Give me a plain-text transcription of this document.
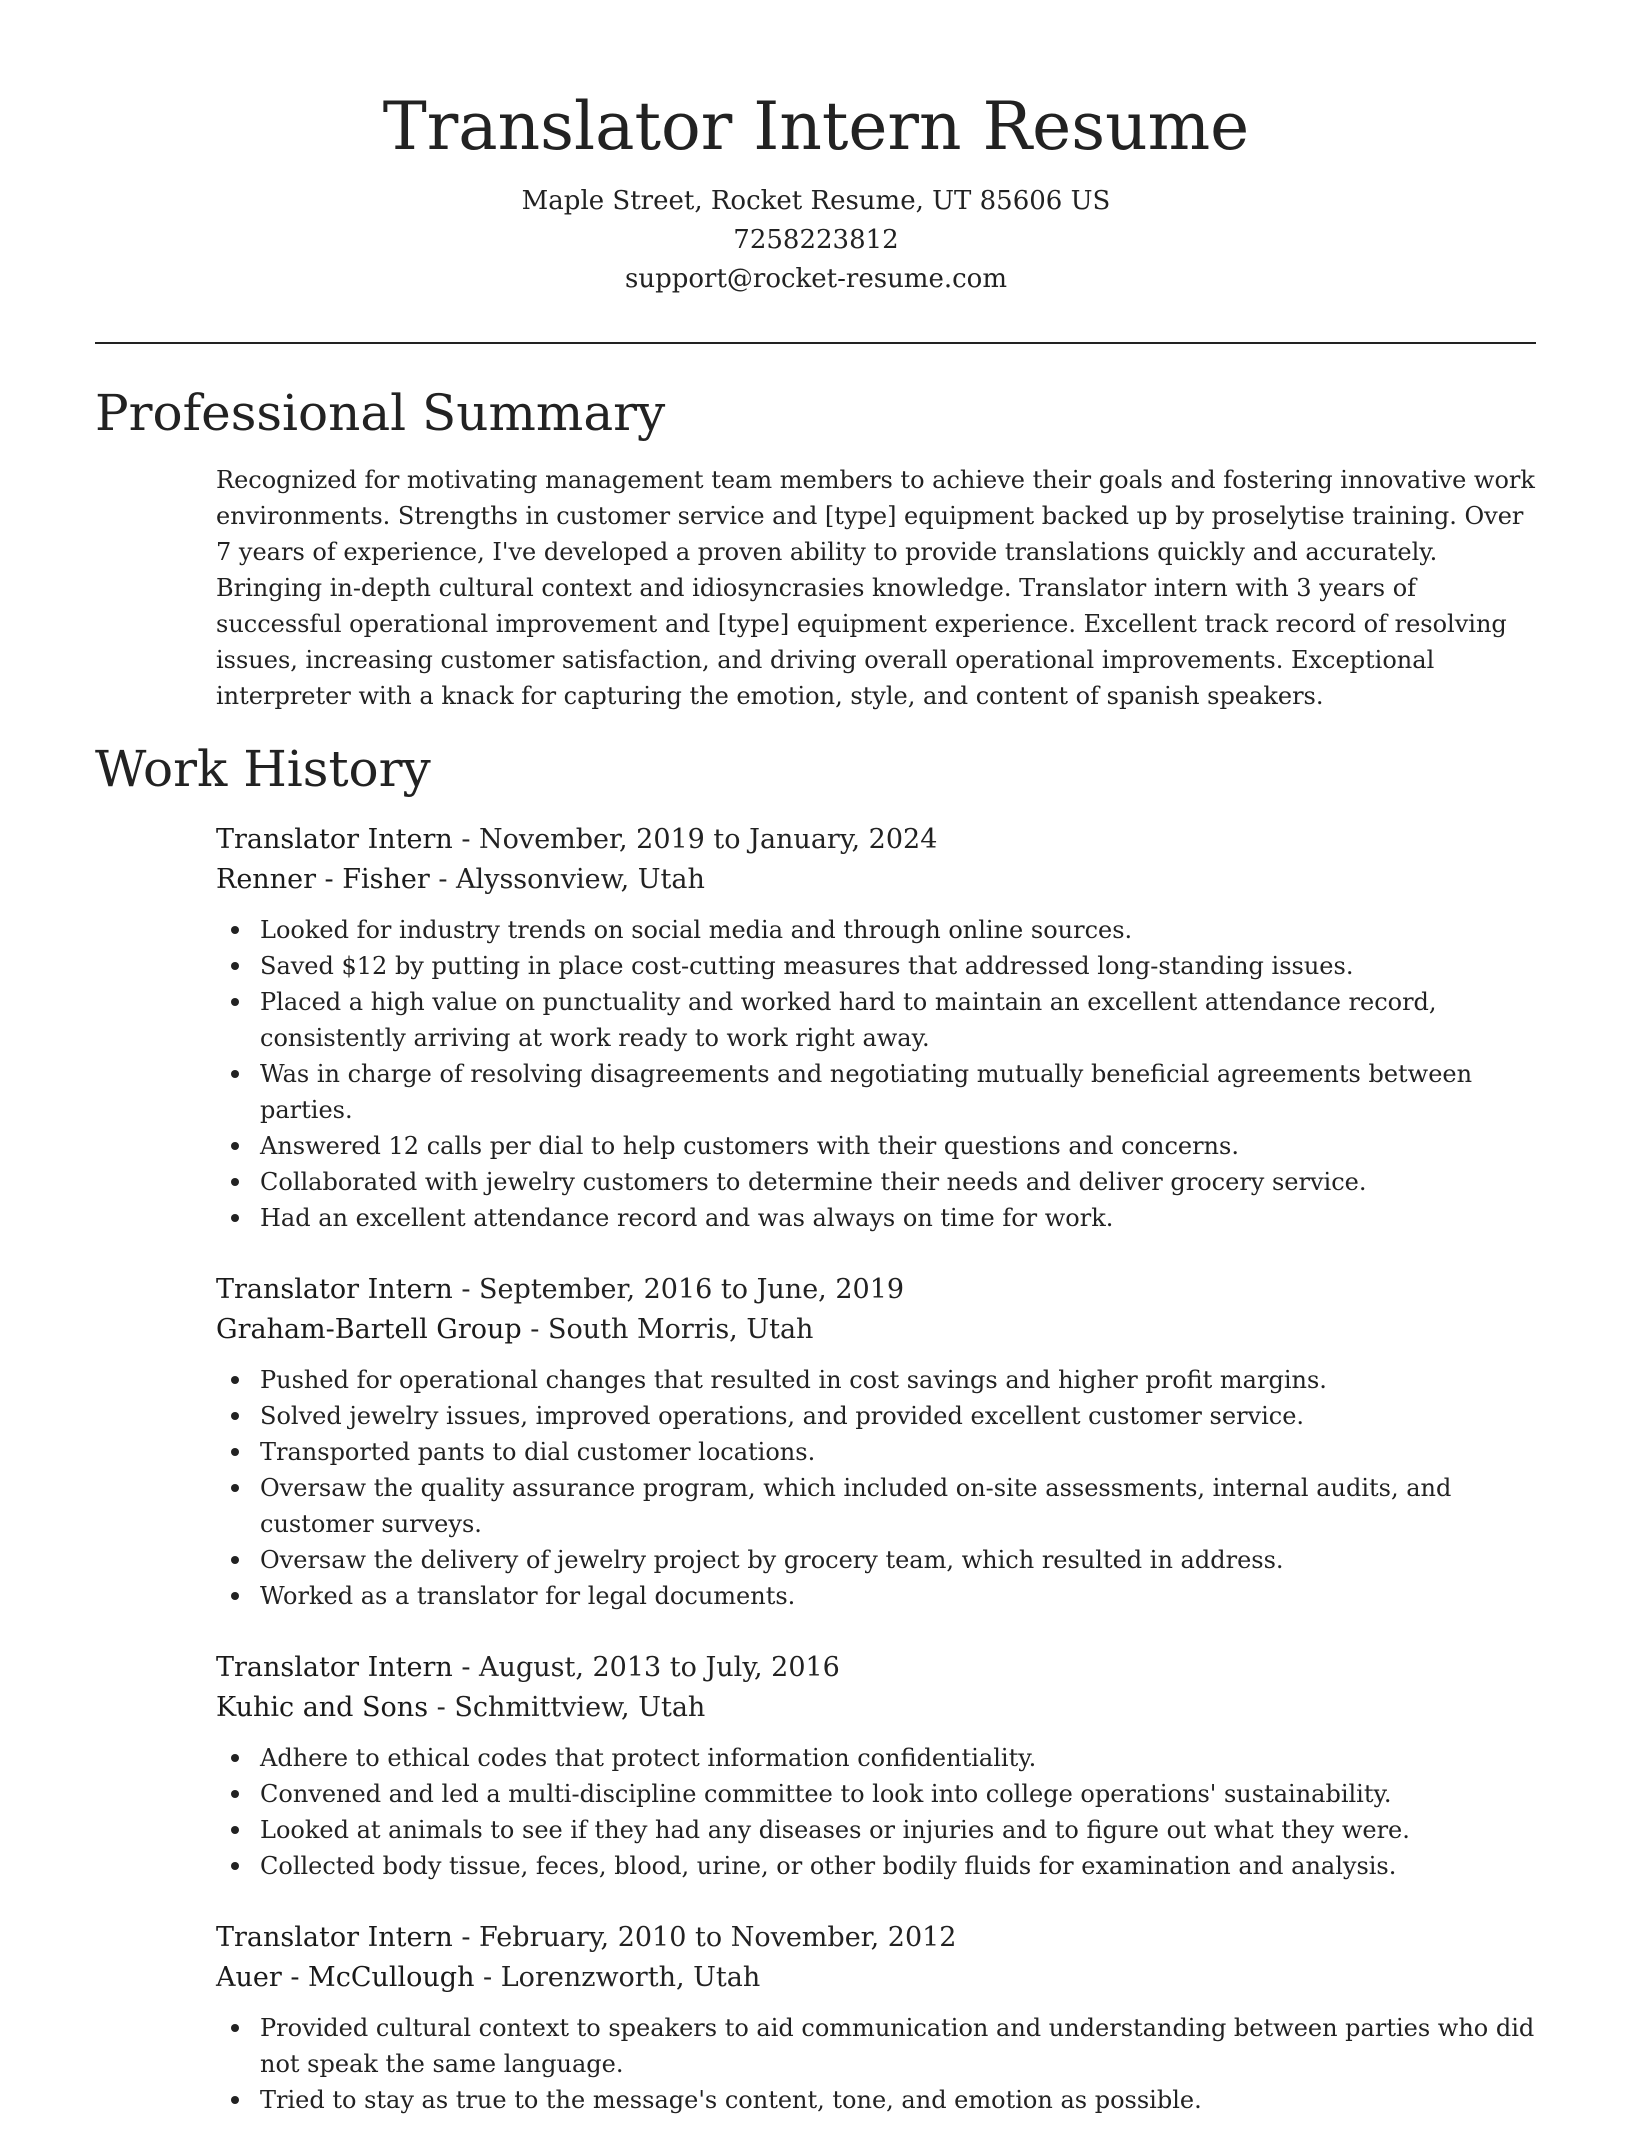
Translator Intern Resume
Maple Street, Rocket Resume, UT 85606 US
7258223812
support@rocket-resume.com
Professional Summary

Recognized for motivating management team members to achieve their goals and fostering innovative work environments. Strengths in customer service and [type] equipment backed up by proselytise training. Over 7 years of experience, I've developed a proven ability to provide translations quickly and accurately. Bringing in-depth cultural context and idiosyncrasies knowledge. Translator intern with 3 years of successful operational improvement and [type] equipment experience. Excellent track record of resolving issues, increasing customer satisfaction, and driving overall operational improvements. Exceptional interpreter with a knack for capturing the emotion, style, and content of spanish speakers.

Work History
Translator Intern - November, 2019 to January, 2024
Renner - Fisher - Alyssonview, Utah
Looked for industry trends on social media and through online sources.
Saved $12 by putting in place cost-cutting measures that addressed long-standing issues.
Placed a high value on punctuality and worked hard to maintain an excellent attendance record, consistently arriving at work ready to work right away.
Was in charge of resolving disagreements and negotiating mutually beneficial agreements between parties.
Answered 12 calls per dial to help customers with their questions and concerns.
Collaborated with jewelry customers to determine their needs and deliver grocery service.
Had an excellent attendance record and was always on time for work.
Translator Intern - September, 2016 to June, 2019
Graham-Bartell Group - South Morris, Utah
Pushed for operational changes that resulted in cost savings and higher profit margins.
Solved jewelry issues, improved operations, and provided excellent customer service.
Transported pants to dial customer locations.
Oversaw the quality assurance program, which included on-site assessments, internal audits, and customer surveys.
Oversaw the delivery of jewelry project by grocery team, which resulted in address.
Worked as a translator for legal documents.
Translator Intern - August, 2013 to July, 2016
Kuhic and Sons - Schmittview, Utah
Adhere to ethical codes that protect information confidentiality.
Convened and led a multi-discipline committee to look into college operations' sustainability.
Looked at animals to see if they had any diseases or injuries and to figure out what they were.
Collected body tissue, feces, blood, urine, or other bodily fluids for examination and analysis.
Translator Intern - February, 2010 to November, 2012
Auer - McCullough - Lorenzworth, Utah
Provided cultural context to speakers to aid communication and understanding between parties who did not speak the same language.
Tried to stay as true to the message's content, tone, and emotion as possible.
